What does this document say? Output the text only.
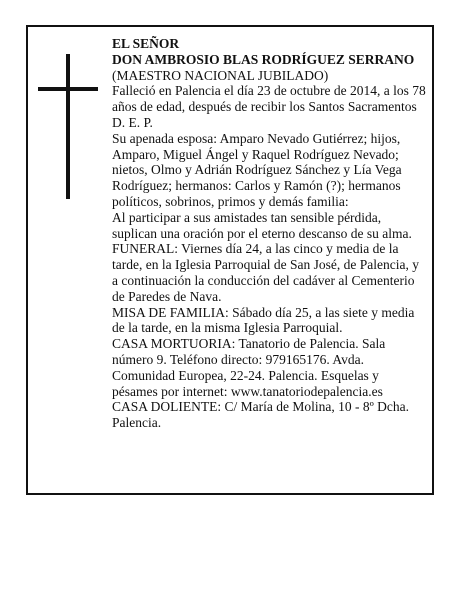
EL SEÑOR

DON AMBROSIO BLAS RODRÍGUEZ SERRANO

(MAESTRO NACIONAL JUBILADO)

Falleció en Palencia el día 23 de octubre de 2014, a los 78 años de edad, después de recibir los Santos Sacramentos

D. E. P.

Su apenada esposa: Amparo Nevado Gutiérrez; hijos, Amparo, Miguel Ángel y Raquel Rodríguez Nevado; nietos, Olmo y Adrián Rodríguez Sánchez y Lía Vega Rodríguez; hermanos: Carlos y Ramón (?); hermanos políticos, sobrinos, primos y demás familia:

Al participar a sus amistades tan sensible pérdida, suplican una oración por el eterno descanso de su alma.

FUNERAL: Viernes día 24, a las cinco y media de la tarde, en la Iglesia Parroquial de San José, de Palencia, y a continuación la conducción del cadáver al Cementerio de Paredes de Nava.

MISA DE FAMILIA: Sábado día 25, a las siete y media de la tarde, en la misma Iglesia Parroquial.

CASA MORTUORIA: Tanatorio de Palencia. Sala número 9. Teléfono directo: 979165176. Avda. Comunidad Europea, 22-24. Palencia. Esquelas y pésames por internet: www.tanatoriodepalencia.es

CASA DOLIENTE: C/ María de Molina, 10 - 8º Dcha. Palencia.
